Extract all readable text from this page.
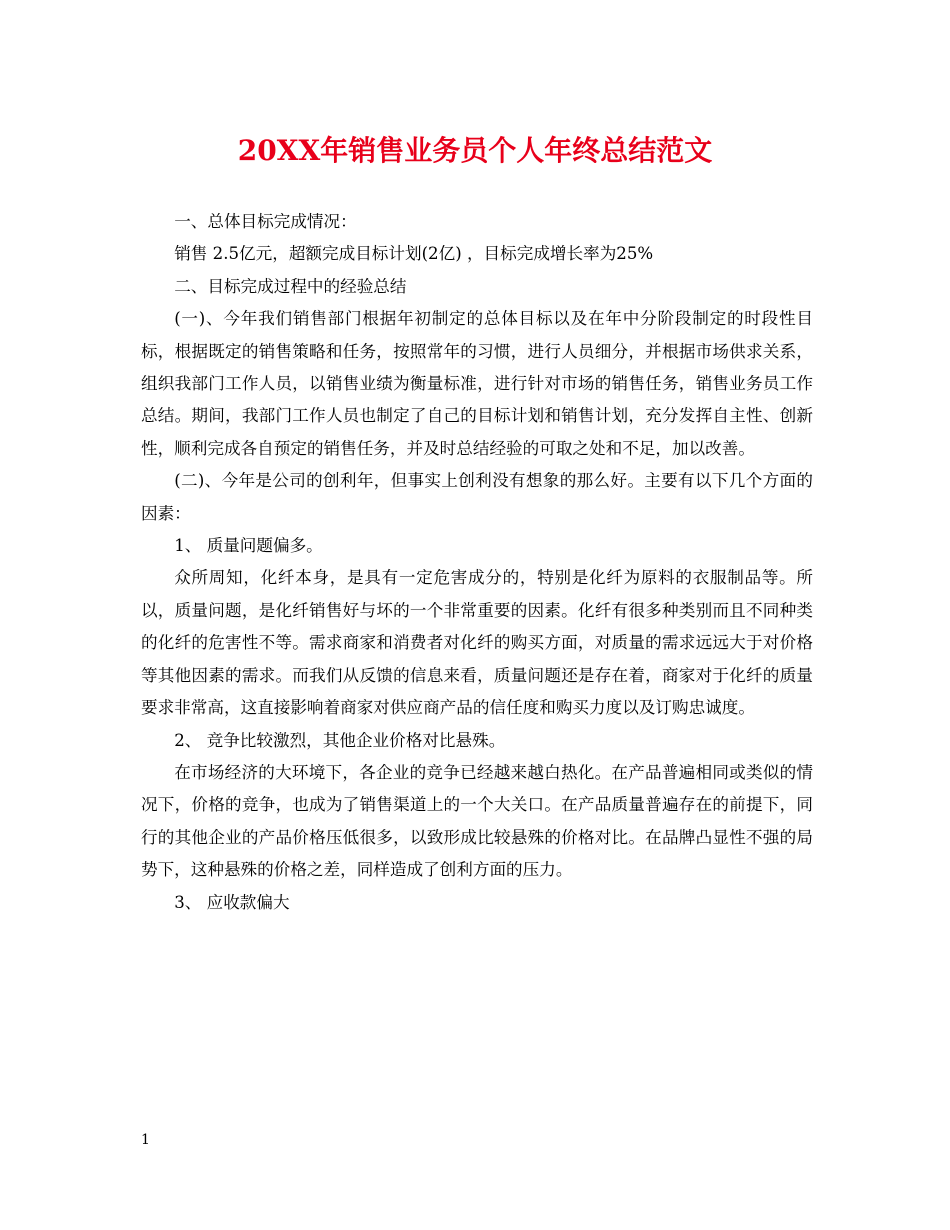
20XX年销售业务员个人年终总结范文

一、总体目标完成情况：

销售 2.5亿元，超额完成目标计划(2亿) ，目标完成增长率为25%

二、目标完成过程中的经验总结

(一)、今年我们销售部门根据年初制定的总体目标以及在年中分阶段制定的时段性目标，根据既定的销售策略和任务，按照常年的习惯，进行人员细分，并根据市场供求关系，组织我部门工作人员，以销售业绩为衡量标准，进行针对市场的销售任务，销售业务员工作总结。期间，我部门工作人员也制定了自己的目标计划和销售计划，充分发挥自主性、创新性，顺利完成各自预定的销售任务，并及时总结经验的可取之处和不足，加以改善。

(二)、今年是公司的创利年，但事实上创利没有想象的那么好。主要有以下几个方面的因素：

1、 质量问题偏多。

众所周知，化纤本身，是具有一定危害成分的，特别是化纤为原料的衣服制品等。所以，质量问题，是化纤销售好与坏的一个非常重要的因素。化纤有很多种类别而且不同种类的化纤的危害性不等。需求商家和消费者对化纤的购买方面，对质量的需求远远大于对价格等其他因素的需求。而我们从反馈的信息来看，质量问题还是存在着，商家对于化纤的质量要求非常高，这直接影响着商家对供应商产品的信任度和购买力度以及订购忠诚度。

2、 竞争比较激烈，其他企业价格对比悬殊。

在市场经济的大环境下，各企业的竞争已经越来越白热化。在产品普遍相同或类似的情况下，价格的竞争，也成为了销售渠道上的一个大关口。在产品质量普遍存在的前提下，同行的其他企业的产品价格压低很多，以致形成比较悬殊的价格对比。在品牌凸显性不强的局势下，这种悬殊的价格之差，同样造成了创利方面的压力。

3、 应收款偏大

1
